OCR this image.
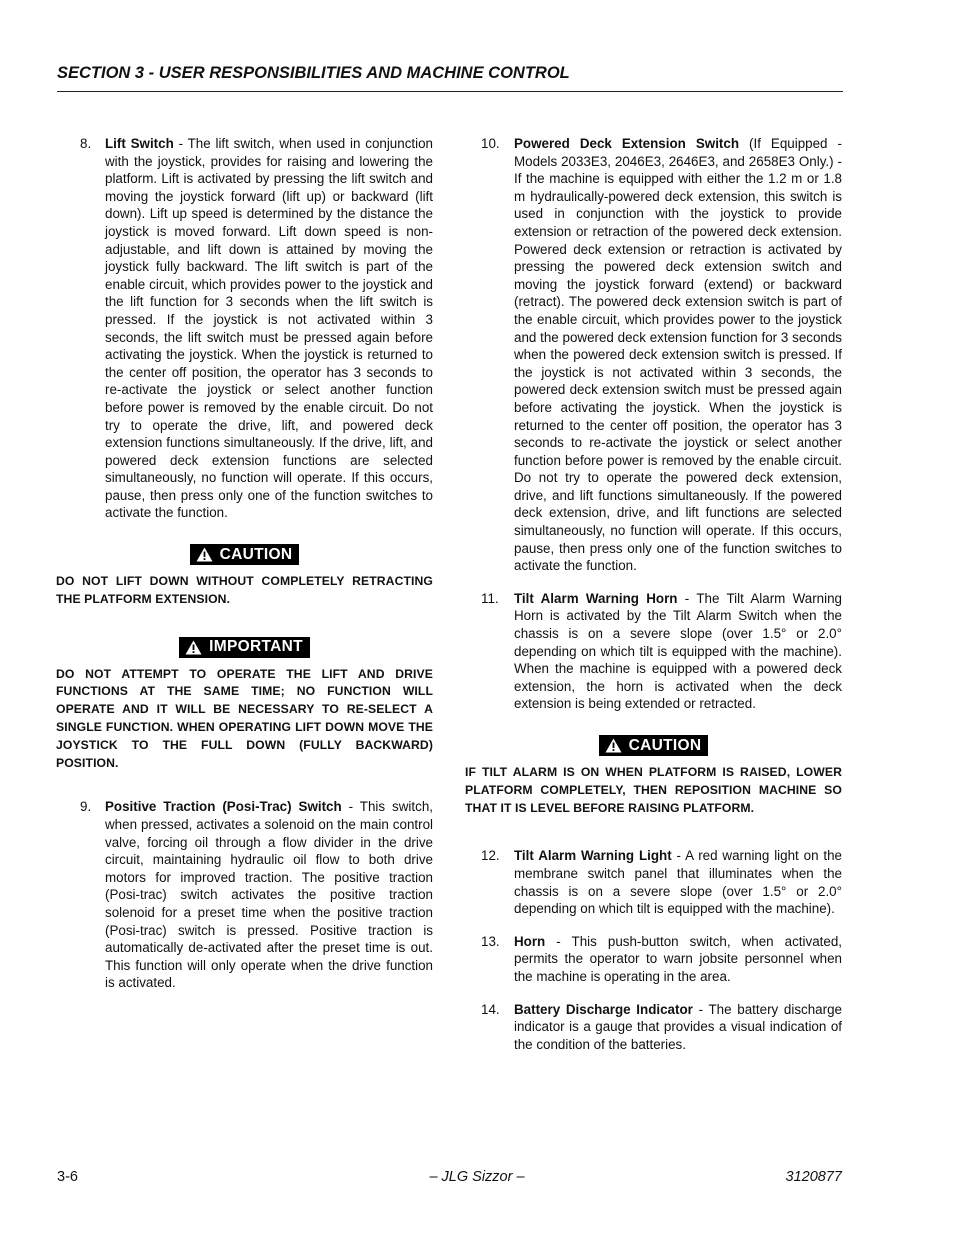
SECTION 3 - USER RESPONSIBILITIES AND MACHINE CONTROL
8.	Lift Switch - The lift switch, when used in conjunction with the joystick, provides for raising and lowering the platform. Lift is activated by pressing the lift switch and moving the joystick forward (lift up) or backward (lift down). Lift up speed is determined by the distance the joystick is moved forward. Lift down speed is non-adjustable, and lift down is attained by moving the joystick fully backward. The lift switch is part of the enable circuit, which provides power to the joystick and the lift function for 3 seconds when the lift switch is pressed. If the joystick is not activated within 3 seconds, the lift switch must be pressed again before activating the joystick. When the joystick is returned to the center off position, the operator has 3 seconds to re-activate the joystick or select another function before power is removed by the enable circuit. Do not try to operate the drive, lift, and powered deck extension functions simultaneously. If the drive, lift, and powered deck extension functions are selected simultaneously, no function will operate. If this occurs, pause, then press only one of the function switches to activate the function.
CAUTION
DO NOT LIFT DOWN WITHOUT COMPLETELY RETRACTING THE PLATFORM EXTENSION.
IMPORTANT
DO NOT ATTEMPT TO OPERATE THE LIFT AND DRIVE FUNCTIONS AT THE SAME TIME; NO FUNCTION WILL OPERATE AND IT WILL BE NECESSARY TO RE-SELECT A SINGLE FUNCTION. WHEN OPERATING LIFT DOWN MOVE THE JOYSTICK TO THE FULL DOWN (FULLY BACKWARD) POSITION.
9.	Positive Traction (Posi-Trac) Switch - This switch, when pressed, activates a solenoid on the main control valve, forcing oil through a flow divider in the drive circuit, maintaining hydraulic oil flow to both drive motors for improved traction. The positive traction (Posi-trac) switch activates the positive traction solenoid for a preset time when the positive traction (Posi-trac) switch is pressed. Positive traction is automatically de-activated after the preset time is out. This function will only operate when the drive function is activated.
10.	Powered Deck Extension Switch (If Equipped - Models 2033E3, 2046E3, 2646E3, and 2658E3 Only.) - If the machine is equipped with either the 1.2 m or 1.8 m hydraulically-powered deck extension, this switch is used in conjunction with the joystick to provide extension or retraction of the powered deck extension. Powered deck extension or retraction is activated by pressing the powered deck extension switch and moving the joystick forward (extend) or backward (retract). The powered deck extension switch is part of the enable circuit, which provides power to the joystick and the powered deck extension function for 3 seconds when the powered deck extension switch is pressed. If the joystick is not activated within 3 seconds, the powered deck extension switch must be pressed again before activating the joystick. When the joystick is returned to the center off position, the operator has 3 seconds to re-activate the joystick or select another function before power is removed by the enable circuit. Do not try to operate the powered deck extension, drive, and lift functions simultaneously. If the powered deck extension, drive, and lift functions are selected simultaneously, no function will operate. If this occurs, pause, then press only one of the function switches to activate the function.
11.	Tilt Alarm Warning Horn - The Tilt Alarm Warning Horn is activated by the Tilt Alarm Switch when the chassis is on a severe slope (over 1.5° or 2.0° depending on which tilt is equipped with the machine). When the machine is equipped with a powered deck extension, the horn is activated when the deck extension is being extended or retracted.
CAUTION
IF TILT ALARM IS ON WHEN PLATFORM IS RAISED, LOWER PLATFORM COMPLETELY, THEN REPOSITION MACHINE SO THAT IT IS LEVEL BEFORE RAISING PLATFORM.
12.	Tilt Alarm Warning Light - A red warning light on the membrane switch panel that illuminates when the chassis is on a severe slope (over 1.5° or 2.0° depending on which tilt is equipped with the machine).
13.	Horn - This push-button switch, when activated, permits the operator to warn jobsite personnel when the machine is operating in the area.
14.	Battery Discharge Indicator - The battery discharge indicator is a gauge that provides a visual indication of the condition of the batteries.
3-6	– JLG Sizzor –	3120877
